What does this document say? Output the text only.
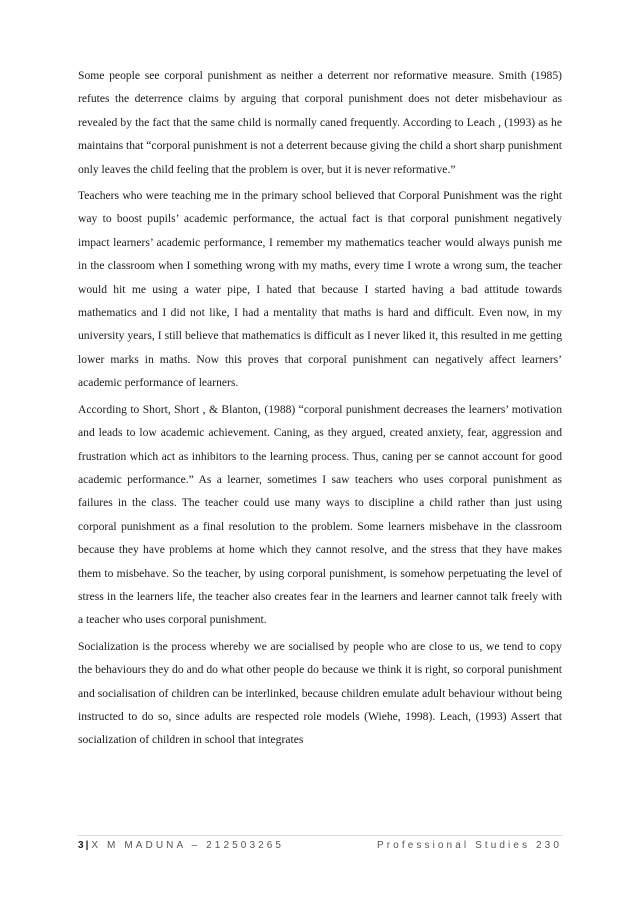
Some people see corporal punishment as neither a deterrent nor reformative measure. Smith (1985) refutes the deterrence claims by arguing that corporal punishment does not deter misbehaviour as revealed by the fact that the same child is normally caned frequently. According to Leach , (1993) as he maintains that “corporal punishment is not a deterrent because giving the child a short sharp punishment only leaves the child feeling that the problem is over, but it is never reformative.”

Teachers who were teaching me in the primary school believed that Corporal Punishment was the right way to boost pupils’ academic performance, the actual fact is that corporal punishment negatively impact learners’ academic performance, I remember my mathematics teacher would always punish me in the classroom when I something wrong with my maths, every time I wrote a wrong sum, the teacher would hit me using a water pipe, I hated that because I started having a bad attitude towards mathematics and I did not like, I had a mentality that maths is hard and difficult. Even now, in my university years, I still believe that mathematics is difficult as I never liked it, this resulted in me getting lower marks in maths. Now this proves that corporal punishment can negatively affect learners’ academic performance of learners.

According to Short, Short , & Blanton, (1988) “corporal punishment decreases the learners’ motivation and leads to low academic achievement. Caning, as they argued, created anxiety, fear, aggression and frustration which act as inhibitors to the learning process. Thus, caning per se cannot account for good academic performance.” As a learner, sometimes I saw teachers who uses corporal punishment as failures in the class. The teacher could use many ways to discipline a child rather than just using corporal punishment as a final resolution to the problem. Some learners misbehave in the classroom because they have problems at home which they cannot resolve, and the stress that they have makes them to misbehave. So the teacher, by using corporal punishment, is somehow perpetuating the level of stress in the learners life, the teacher also creates fear in the learners and learner cannot talk freely with a teacher who uses corporal punishment.

Socialization is the process whereby we are socialised by people who are close to us, we tend to copy the behaviours they do and do what other people do because we think it is right, so corporal punishment and socialisation of children can be interlinked, because children emulate adult behaviour without being instructed to do so, since adults are respected role models (Wiehe, 1998). Leach, (1993) Assert that socialization of children in school that integrates

3 | X M MADUNA – 212503265	Professional Studies 230
